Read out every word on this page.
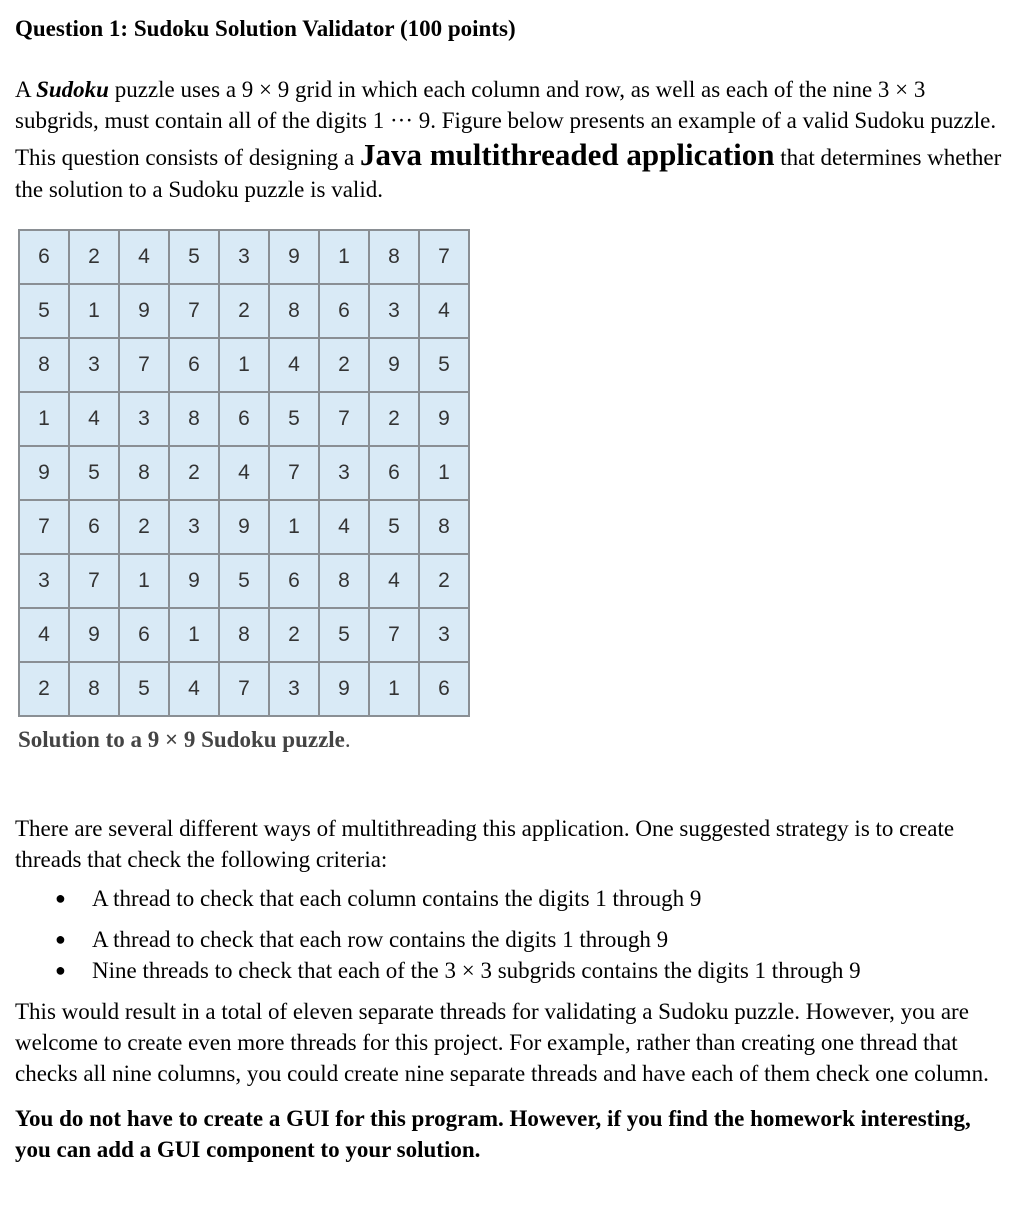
Question 1: Sudoku Solution Validator (100 points)

A Sudoku puzzle uses a 9 × 9 grid in which each column and row, as well as each of the nine 3 × 3 subgrids, must contain all of the digits 1 ··· 9. Figure below presents an example of a valid Sudoku puzzle. This question consists of designing a Java multithreaded application that determines whether the solution to a Sudoku puzzle is valid.

6	2	4	5	3	9	1	8	7
5	1	9	7	2	8	6	3	4
8	3	7	6	1	4	2	9	5
1	4	3	8	6	5	7	2	9
9	5	8	2	4	7	3	6	1
7	6	2	3	9	1	4	5	8
3	7	1	9	5	6	8	4	2
4	9	6	1	8	2	5	7	3
2	8	5	4	7	3	9	1	6
Solution to a 9 × 9 Sudoku puzzle.
There are several different ways of multithreading this application. One suggested strategy is to create threads that check the following criteria:
● A thread to check that each column contains the digits 1 through 9
● A thread to check that each row contains the digits 1 through 9
● Nine threads to check that each of the 3 × 3 subgrids contains the digits 1 through 9
This would result in a total of eleven separate threads for validating a Sudoku puzzle. However, you are welcome to create even more threads for this project. For example, rather than creating one thread that checks all nine columns, you could create nine separate threads and have each of them check one column.
You do not have to create a GUI for this program. However, if you find the homework interesting, you can add a GUI component to your solution.
